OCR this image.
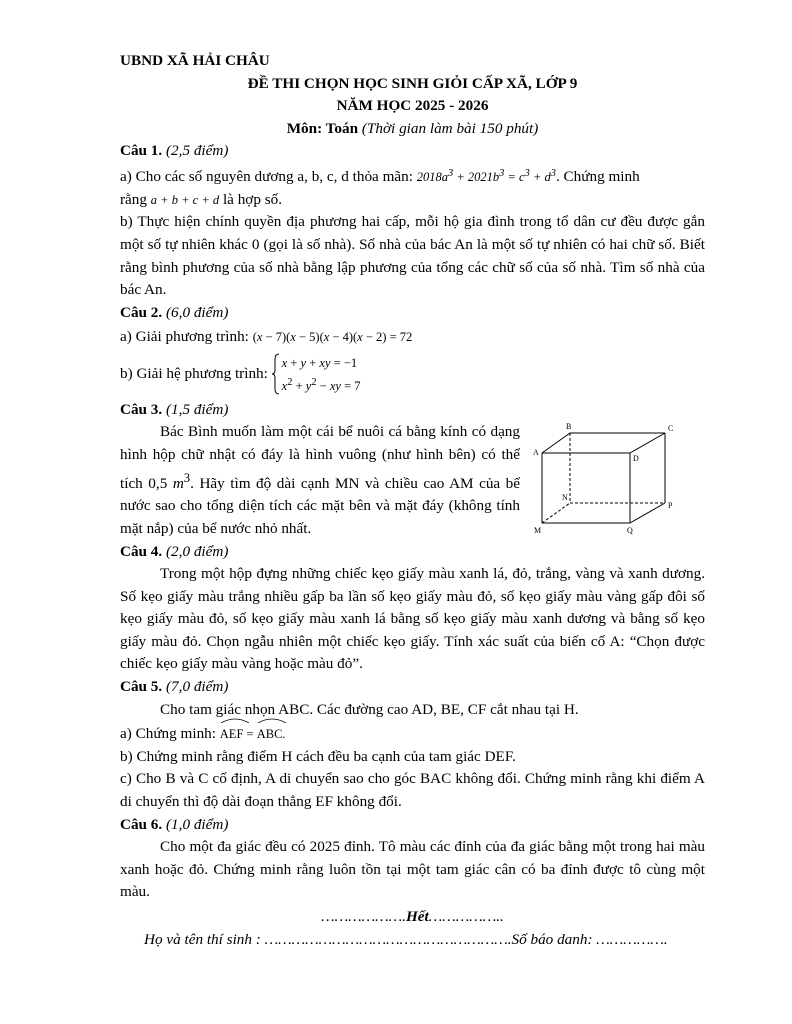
UBND XÃ HẢI CHÂU
ĐỀ THI CHỌN HỌC SINH GIỎI CẤP XÃ, LỚP 9
NĂM HỌC 2025 - 2026
Môn: Toán (Thời gian làm bài 150 phút)
Câu 1. (2,5 điểm)
a) Cho các số nguyên dương a, b, c, d thỏa mãn: $2018a^3 + 2021b^3 = c^3 + d^3$. Chứng minh
rằng a + b + c + d là hợp số.
b) Thực hiện chính quyền địa phương hai cấp, mỗi hộ gia đình trong tổ dân cư đều được gắn một số tự nhiên khác 0 (gọi là số nhà). Số nhà của bác An là một số tự nhiên có hai chữ số. Biết rằng bình phương của số nhà bằng lập phương của tổng các chữ số của số nhà. Tìm số nhà của bác An.
Câu 2. (6,0 điểm)
a) Giải phương trình: (x − 7)(x − 5)(x − 4)(x − 2) = 72
b) Giải hệ phương trình:
x + y + xy = −1
$x^2 + y^2$ − xy = 7
Câu 3. (1,5 điểm)
Bác Bình muốn làm một cái bể nuôi cá bằng kính có dạng hình hộp chữ nhật có đáy là hình vuông (như hình bên) có thể tích 0,5 $m^3$. Hãy tìm độ dài cạnh MN và chiều cao AM của bể nước sao cho tổng diện tích các mặt bên và mặt đáy (không tính mặt nắp) của bể nước nhỏ nhất.
B	C
A
D
N
P
M	Q
Câu 4. (2,0 điểm)
Trong một hộp đựng những chiếc kẹo giấy màu xanh lá, đỏ, trắng, vàng và xanh dương. Số kẹo giấy màu trắng nhiều gấp ba lần số kẹo giấy màu đỏ, số kẹo giấy màu vàng gấp đôi số kẹo giấy màu đỏ, số kẹo giấy màu xanh lá bằng số kẹo giấy màu xanh dương và bằng số kẹo giấy màu đỏ. Chọn ngẫu nhiên một chiếc kẹo giấy. Tính xác suất của biến cố A: “Chọn được chiếc kẹo giấy màu vàng hoặc màu đỏ”.
Câu 5. (7,0 điểm)
Cho tam giác nhọn ABC. Các đường cao AD, BE, CF cắt nhau tại H.
a) Chứng minh: AEF =
ABC.
b) Chứng minh rằng điểm H cách đều ba cạnh của tam giác DEF.
c) Cho B và C cố định, A di chuyển sao cho góc BAC không đổi. Chứng minh rằng khi điểm A di chuyển thì độ dài đoạn thẳng EF không đổi.
Câu 6. (1,0 điểm)
Cho một đa giác đều có 2025 đỉnh. Tô màu các đỉnh của đa giác bằng một trong hai màu xanh hoặc đỏ. Chứng minh rằng luôn tồn tại một tam giác cân có ba đỉnh được tô cùng một màu.
……………….Hết……………..
Họ và tên thí sinh : ……………………………………………….Số báo danh: …………….
